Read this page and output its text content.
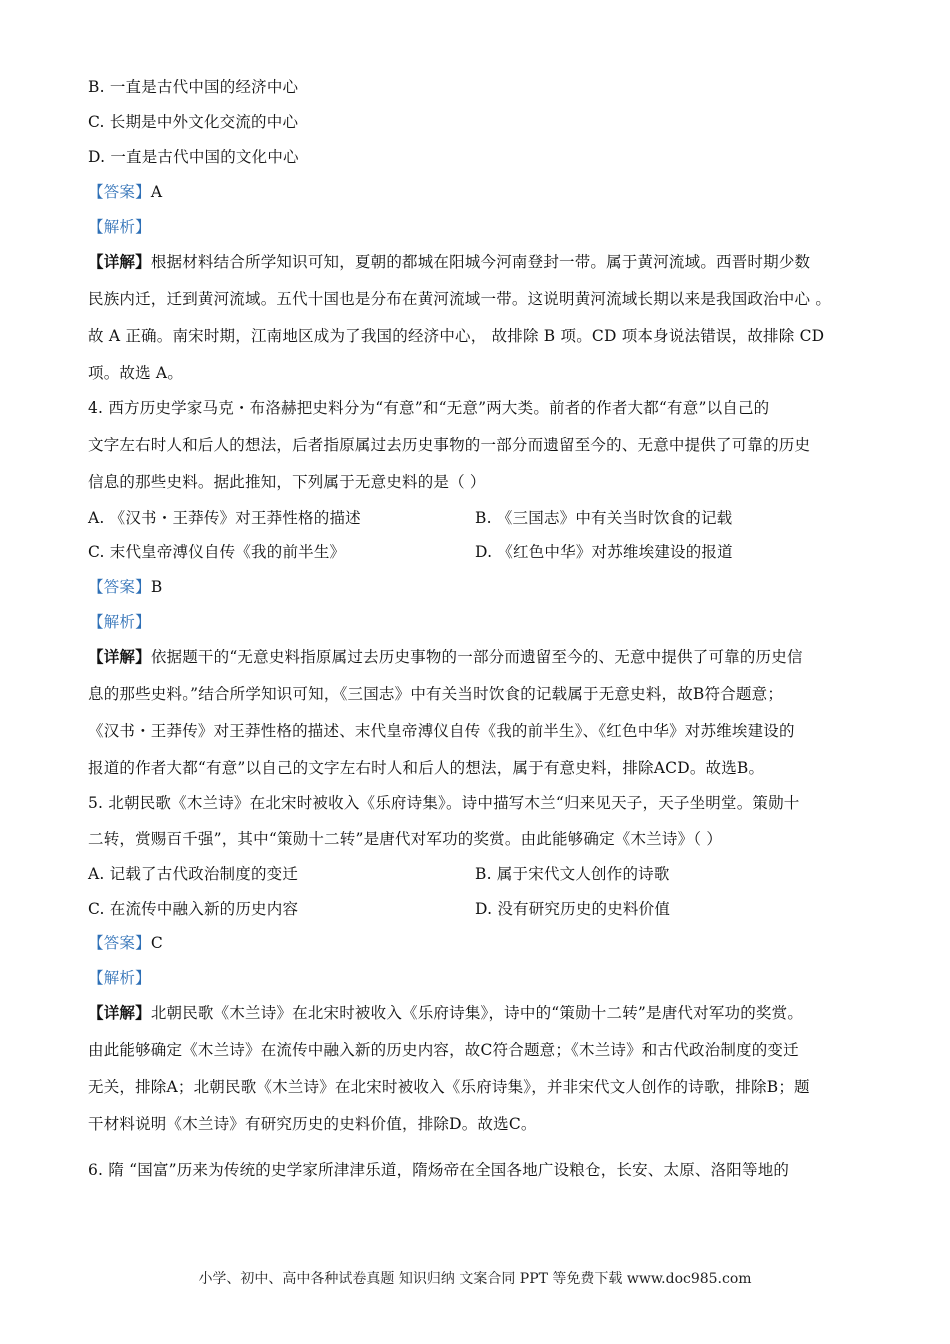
B. 一直是古代中国的经济中心
C. 长期是中外文化交流的中心
D. 一直是古代中国的文化中心
【答案】A
【解析】
【详解】根据材料结合所学知识可知，夏朝的都城在阳城今河南登封一带。属于黄河流域。西晋时期少数
民族内迁，迁到黄河流域。五代十国也是分布在黄河流域一带。这说明黄河流域长期以来是我国政治中心 。
故 A 正确。南宋时期，江南地区成为了我国的经济中心， 故排除 B 项。CD 项本身说法错误，故排除 CD
项。故选 A。
4. 西方历史学家马克・布洛赫把史料分为“有意”和“无意”两大类。前者的作者大都“有意”以自己的
文字左右时人和后人的想法，后者指原属过去历史事物的一部分而遗留至今的、无意中提供了可靠的历史
信息的那些史料。据此推知，下列属于无意史料的是（ ）
A. 《汉书・王莽传》对王莽性格的描述	B. 《三国志》中有关当时饮食的记载
C. 末代皇帝溥仪自传《我的前半生》	D. 《红色中华》对苏维埃建设的报道
【答案】B
【解析】
【详解】依据题干的“无意史料指原属过去历史事物的一部分而遗留至今的、无意中提供了可靠的历史信
息的那些史料。”结合所学知识可知，《三国志》中有关当时饮食的记载属于无意史料，故B符合题意；
《汉书・王莽传》对王莽性格的描述、末代皇帝溥仪自传《我的前半生》、《红色中华》对苏维埃建设的
报道的作者大都“有意”以自己的文字左右时人和后人的想法，属于有意史料，排除ACD。故选B。
5. 北朝民歌《木兰诗》在北宋时被收入《乐府诗集》。诗中描写木兰“归来见天子，天子坐明堂。策勋十
二转，赏赐百千强”，其中“策勋十二转”是唐代对军功的奖赏。由此能够确定《木兰诗》（ ）
A. 记载了古代政治制度的变迁	B. 属于宋代文人创作的诗歌
C. 在流传中融入新的历史内容	D. 没有研究历史的史料价值
【答案】C
【解析】
【详解】北朝民歌《木兰诗》在北宋时被收入《乐府诗集》，诗中的“策勋十二转”是唐代对军功的奖赏。
由此能够确定《木兰诗》在流传中融入新的历史内容，故C符合题意；《木兰诗》和古代政治制度的变迁
无关，排除A；北朝民歌《木兰诗》在北宋时被收入《乐府诗集》，并非宋代文人创作的诗歌，排除B；题
干材料说明《木兰诗》有研究历史的史料价值，排除D。故选C。
6. 隋 “国富”历来为传统的史学家所津津乐道，隋炀帝在全国各地广设粮仓，长安、太原、洛阳等地的
小学、初中、高中各种试卷真题 知识归纳 文案合同 PPT 等免费下载 www.doc985.com
